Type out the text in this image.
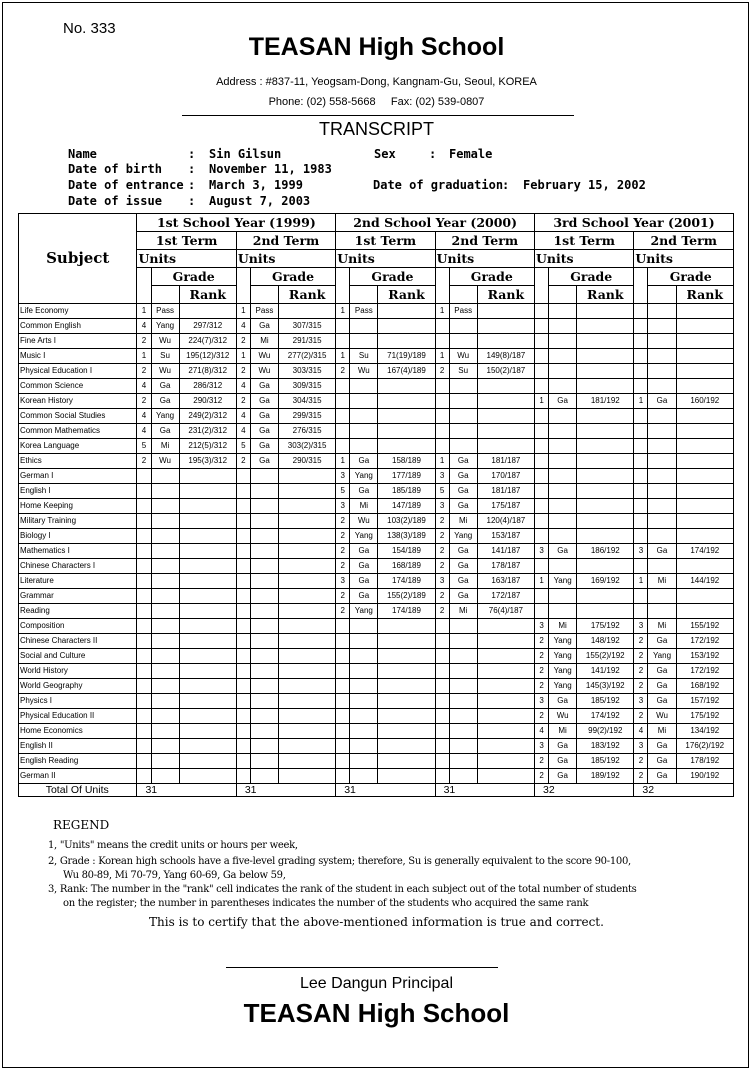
No. 333
TEASAN High School
Address : #837-11, Yeogsam-Dong, Kangnam-Gu, Seoul, KOREA
Phone: (02) 558-5668     Fax: (02) 539-0807
TRANSCRIPT
Name	: Sin Gilsun	Sex	: Female
Date of birth : November 11, 1983
Date of entrance : March 3, 1999	Date of graduation
: February 15, 2002
Date of issue : August 7, 2003
Subject	1st School Year (1999)						2nd School Year (2000)						3rd School Year (2001)					
	1st Term			2nd Term			1st Term			2nd Term			1st Term			2nd Term		
	Units			Units			Units			Units			Units			Units		
		Grade			Grade			Grade			Grade			Grade			Grade	
			Rank			Rank			Rank			Rank			Rank			Rank
Life Economy	1	Pass		1	Pass		1	Pass		1	Pass							
Common English	4	Yang	297/312	4	Ga	307/315												
Fine Arts I	2	Wu	224(7)/312	2	Mi	291/315												
Music I	1	Su	195(12)/312	1	Wu	277(2)/315	1	Su	71(19)/189	1	Wu	149(8)/187						
Physical Education I	2	Wu	271(8)/312	2	Wu	303/315	2	Wu	167(4)/189	2	Su	150(2)/187						
Common Science	4	Ga	286/312	4	Ga	309/315												
Korean History	2	Ga	290/312	2	Ga	304/315							1	Ga	181/192	1	Ga	160/192
Common Social Studies	4	Yang	249(2)/312	4	Ga	299/315												
Common Mathematics	4	Ga	231(2)/312	4	Ga	276/315												
Korea Language	5	Mi	212(5)/312	5	Ga	303(2)/315												
Ethics	2	Wu	195(3)/312	2	Ga	290/315	1	Ga	158/189	1	Ga	181/187						
German I							3	Yang	177/189	3	Ga	170/187						
English I							5	Ga	185/189	5	Ga	181/187						
Home Keeping							3	Mi	147/189	3	Ga	175/187						
Military Training							2	Wu	103(2)/189	2	Mi	120(4)/187						
Biology I							2	Yang	138(3)/189	2	Yang	153/187						
Mathematics I							2	Ga	154/189	2	Ga	141/187	3	Ga	186/192	3	Ga	174/192
Chinese Characters I							2	Ga	168/189	2	Ga	178/187						
Literature							3	Ga	174/189	3	Ga	163/187	1	Yang	169/192	1	Mi	144/192
Grammar							2	Ga	155(2)/189	2	Ga	172/187						
Reading							2	Yang	174/189	2	Mi	76(4)/187						
Composition													3	Mi	175/192	3	Mi	155/192
Chinese Characters II													2	Yang	148/192	2	Ga	172/192
Social and Culture													2	Yang	155(2)/192	2	Yang	153/192
World History													2	Yang	141/192	2	Ga	172/192
World Geography													2	Yang	145(3)/192	2	Ga	168/192
Physics I													3	Ga	185/192	3	Ga	157/192
Physical Education II													2	Wu	174/192	2	Wu	175/192
Home Economics													4	Mi	99(2)/192	4	Mi	134/192
English II													3	Ga	183/192	3	Ga	176(2)/192
English Reading													2	Ga	185/192	2	Ga	178/192
German II													2	Ga	189/192	2	Ga	190/192
Total Of Units	31			31			31			31			32			32		
REGEND
1, "Units" means the credit units or hours per week,
2, Grade : Korean high schools have a five-level grading system; therefore, Su is generally equivalent to the score 90-100,
Wu 80-89, Mi 70-79, Yang 60-69, Ga below 59,
3, Rank: The number in the "rank" cell indicates the rank of the student in each subject out of the total number of students
on the register; the number in parentheses indicates the number of the students who acquired the same rank
This is to certify that the above-mentioned information is true and correct.
Lee Dangun Principal
TEASAN High School
